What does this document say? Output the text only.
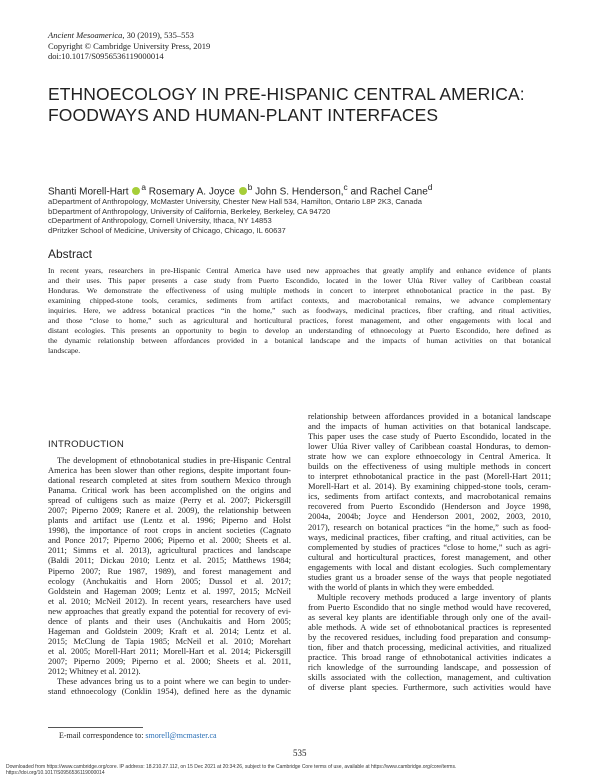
Ancient Mesoamerica, 30 (2019), 535–553
Copyright © Cambridge University Press, 2019
doi:10.1017/S0956536119000014
ETHNOECOLOGY IN PRE-HISPANIC CENTRAL AMERICA: FOODWAYS AND HUMAN-PLANT INTERFACES
Shanti Morell-Hart $^a$ Rosemary A. Joyce $^b$ John S. Henderson,$^c$ and Rachel Cane$^d$
aDepartment of Anthropology, McMaster University, Chester New Hall 534, Hamilton, Ontario L8P 2K3, Canada
bDepartment of Anthropology, University of California, Berkeley, Berkeley, CA 94720
cDepartment of Anthropology, Cornell University, Ithaca, NY 14853
dPritzker School of Medicine, University of Chicago, Chicago, IL 60637
Abstract
In recent years, researchers in pre-Hispanic Central America have used new approaches that greatly amplify and enhance evidence of plants
and their uses. This paper presents a case study from Puerto Escondido, located in the lower Ulúa River valley of Caribbean coastal
Honduras. We demonstrate the effectiveness of using multiple methods in concert to interpret ethnobotanical practice in the past. By
examining chipped-stone tools, ceramics, sediments from artifact contexts, and macrobotanical remains, we advance complementary
inquiries. Here, we address botanical practices “in the home,” such as foodways, medicinal practices, fiber crafting, and ritual activities,
and those “close to home,” such as agricultural and horticultural practices, forest management, and other engagements with local and
distant ecologies. This presents an opportunity to begin to develop an understanding of ethnoecology at Puerto Escondido, here defined as
the dynamic relationship between affordances provided in a botanical landscape and the impacts of human activities on that botanical
landscape.
INTRODUCTION
The development of ethnobotanical studies in pre-Hispanic Central
America has been slower than other regions, despite important foun-
dational research completed at sites from southern Mexico through
Panama. Critical work has been accomplished on the origins and
spread of cultigens such as maize (Perry et al. 2007; Pickersgill
2007; Piperno 2009; Ranere et al. 2009), the relationship between
plants and artifact use (Lentz et al. 1996; Piperno and Holst
1998), the importance of root crops in ancient societies (Cagnato
and Ponce 2017; Piperno 2006; Piperno et al. 2000; Sheets et al.
2011; Simms et al. 2013), agricultural practices and landscape
(Baldi 2011; Dickau 2010; Lentz et al. 2015; Matthews 1984;
Piperno 2007; Rue 1987, 1989), and forest management and
ecology (Anchukaitis and Horn 2005; Dussol et al. 2017;
Goldstein and Hageman 2009; Lentz et al. 1997, 2015; McNeil
et al. 2010; McNeil 2012). In recent years, researchers have used
new approaches that greatly expand the potential for recovery of evi-
dence of plants and their uses (Anchukaitis and Horn 2005;
Hageman and Goldstein 2009; Kraft et al. 2014; Lentz et al.
2015; McClung de Tapia 1985; McNeil et al. 2010; Morehart
et al. 2005; Morell-Hart 2011; Morell-Hart et al. 2014; Pickersgill
2007; Piperno 2009; Piperno et al. 2000; Sheets et al. 2011,
2012; Whitney et al. 2012).
These advances bring us to a point where we can begin to under-
stand ethnoecology (Conklin 1954), defined here as the dynamic
relationship between affordances provided in a botanical landscape
and the impacts of human activities on that botanical landscape.
This paper uses the case study of Puerto Escondido, located in the
lower Ulúa River valley of Caribbean coastal Honduras, to demon-
strate how we can explore ethnoecology in Central America. It
builds on the effectiveness of using multiple methods in concert
to interpret ethnobotanical practice in the past (Morell-Hart 2011;
Morell-Hart et al. 2014). By examining chipped-stone tools, ceram-
ics, sediments from artifact contexts, and macrobotanical remains
recovered from Puerto Escondido (Henderson and Joyce 1998,
2004a, 2004b; Joyce and Henderson 2001, 2002, 2003, 2010,
2017), research on botanical practices “in the home,” such as food-
ways, medicinal practices, fiber crafting, and ritual activities, can be
complemented by studies of practices “close to home,” such as agri-
cultural and horticultural practices, forest management, and other
engagements with local and distant ecologies. Such complementary
studies grant us a broader sense of the ways that people negotiated
with the world of plants in which they were embedded.
Multiple recovery methods produced a large inventory of plants
from Puerto Escondido that no single method would have recovered,
as several key plants are identifiable through only one of the avail-
able methods. A wide set of ethnobotanical practices is represented
by the recovered residues, including food preparation and consump-
tion, fiber and thatch processing, medicinal activities, and ritualized
practice. This broad range of ethnobotanical activities indicates a
rich knowledge of the surrounding landscape, and possession of
skills associated with the collection, management, and cultivation
of diverse plant species. Furthermore, such activities would have
E-mail correspondence to: smorell@mcmaster.ca
535
Downloaded from https://www.cambridge.org/core. IP address: 18.210.27.112, on 15 Dec 2021 at 20:34:26, subject to the Cambridge Core terms of use, available at https://www.cambridge.org/core/terms.
https://doi.org/10.1017/S0956536119000014
